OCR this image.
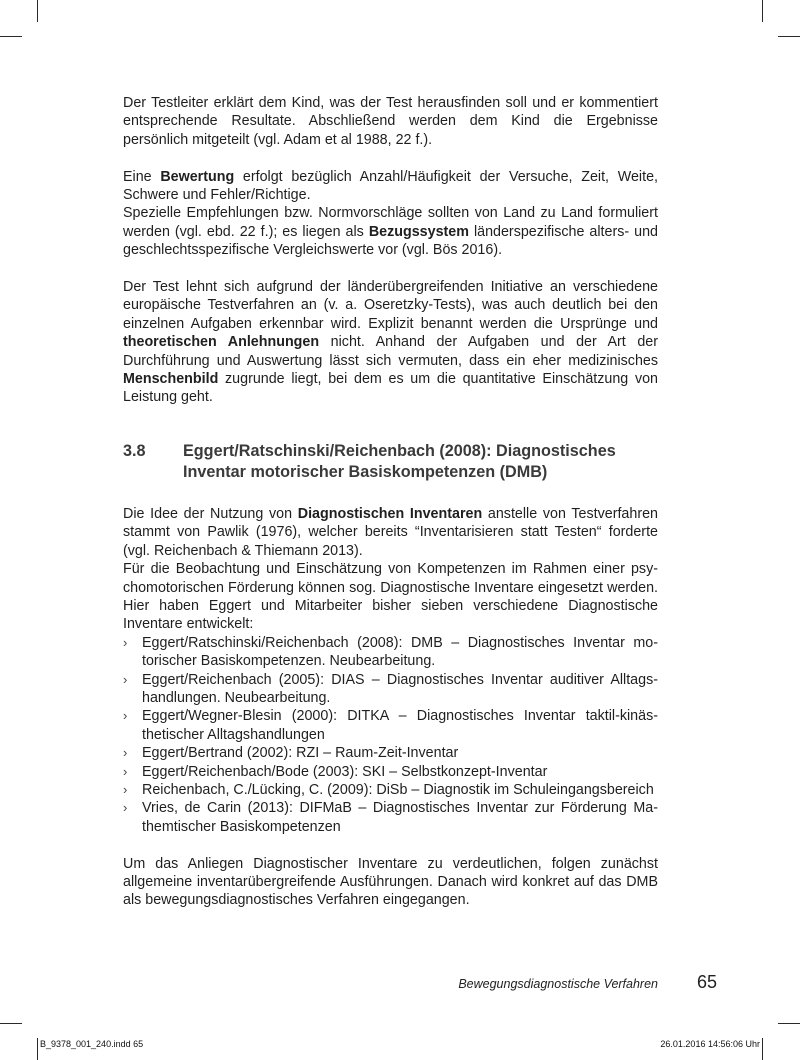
Der Testleiter erklärt dem Kind, was der Test herausfinden soll und er kommentiert entsprechende Resultate. Abschließend werden dem Kind die Ergebnisse persönlich mitgeteilt (vgl. Adam et al 1988, 22 f.).

Eine Bewertung erfolgt bezüglich Anzahl/Häufigkeit der Versuche, Zeit, Weite, Schwere und Fehler/Richtige.

Spezielle Empfehlungen bzw. Normvorschläge sollten von Land zu Land formuliert werden (vgl. ebd. 22 f.); es liegen als Bezugssystem länderspezifische alters- und geschlechtsspezifische Vergleichswerte vor (vgl. Bös 2016).

Der Test lehnt sich aufgrund der länderübergreifenden Initiative an verschiedene europäische Testverfahren an (v. a. Oseretzky-Tests), was auch deutlich bei den einzelnen Aufgaben erkennbar wird. Explizit benannt werden die Ursprünge und theoretischen Anlehnungen nicht. Anhand der Aufgaben und der Art der Durchführung und Auswertung lässt sich vermuten, dass ein eher medizinisches Menschenbild zugrunde liegt, bei dem es um die quantitative Einschätzung von Leistung geht.

3.8	Eggert/Ratschinski/Reichenbach (2008): Diagnostisches
Inventar motorischer Basiskompetenzen (DMB)

Die Idee der Nutzung von Diagnostischen Inventaren anstelle von Testverfahren stammt von Pawlik (1976), welcher bereits “Inventarisieren statt Testen“ forderte (vgl. Reichenbach & Thiemann 2013).

Für die Beobachtung und Einschätzung von Kompetenzen im Rahmen einer psychomotorischen Förderung können sog. Diagnostische Inventare eingesetzt werden. Hier haben Eggert und Mitarbeiter bisher sieben verschiedene Diagnostische Inventare entwickelt:

› Eggert/Ratschinski/Reichenbach (2008): DMB – Diagnostisches Inventar motorischer Basiskompetenzen. Neubearbeitung.
› Eggert/Reichenbach (2005): DIAS – Diagnostisches Inventar auditiver Alltagshandlungen. Neubearbeitung.
› Eggert/Wegner-Blesin (2000): DITKA – Diagnostisches Inventar taktil-kinästhetischer Alltagshandlungen
› Eggert/Bertrand (2002): RZI – Raum-Zeit-Inventar
› Eggert/Reichenbach/Bode (2003): SKI – Selbstkonzept-Inventar
› Reichenbach, C./Lücking, C. (2009): DiSb – Diagnostik im Schuleingangsbereich
› Vries, de Carin (2013): DIFMaB – Diagnostisches Inventar zur Förderung Mathemtischer Basiskompetenzen

Um das Anliegen Diagnostischer Inventare zu verdeutlichen, folgen zunächst allgemeine inventarübergreifende Ausführungen. Danach wird konkret auf das DMB als bewegungsdiagnostisches Verfahren eingegangen.

Bewegungsdiagnostische Verfahren 65
B_9378_001_240.indd 65	26.01.2016 14:56:06 Uhr
